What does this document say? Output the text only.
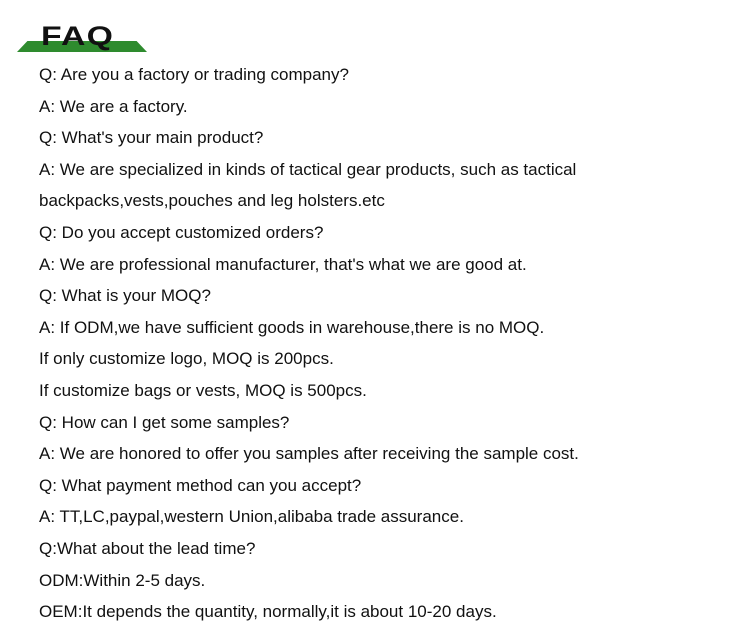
FAQ
Q: Are you a factory or trading company?
A: We are a factory.
Q: What's your main product?
A: We are specialized in kinds of tactical gear products, such as tactical
backpacks,vests,pouches and leg holsters.etc
Q: Do you accept customized orders?
A: We are professional manufacturer, that's what we are good at.
Q: What is your MOQ?
A: If ODM,we have sufficient goods in warehouse,there is no MOQ.
If only customize logo, MOQ is 200pcs.
If customize bags or vests, MOQ is 500pcs.
Q: How can I get some samples?
A: We are honored to offer you samples after receiving the sample cost.
Q: What payment method can you accept?
A: TT,LC,paypal,western Union,alibaba trade assurance.
Q:What about the lead time?
ODM:Within 2-5 days.
OEM:It depends the quantity, normally,it is about 10-20 days.
